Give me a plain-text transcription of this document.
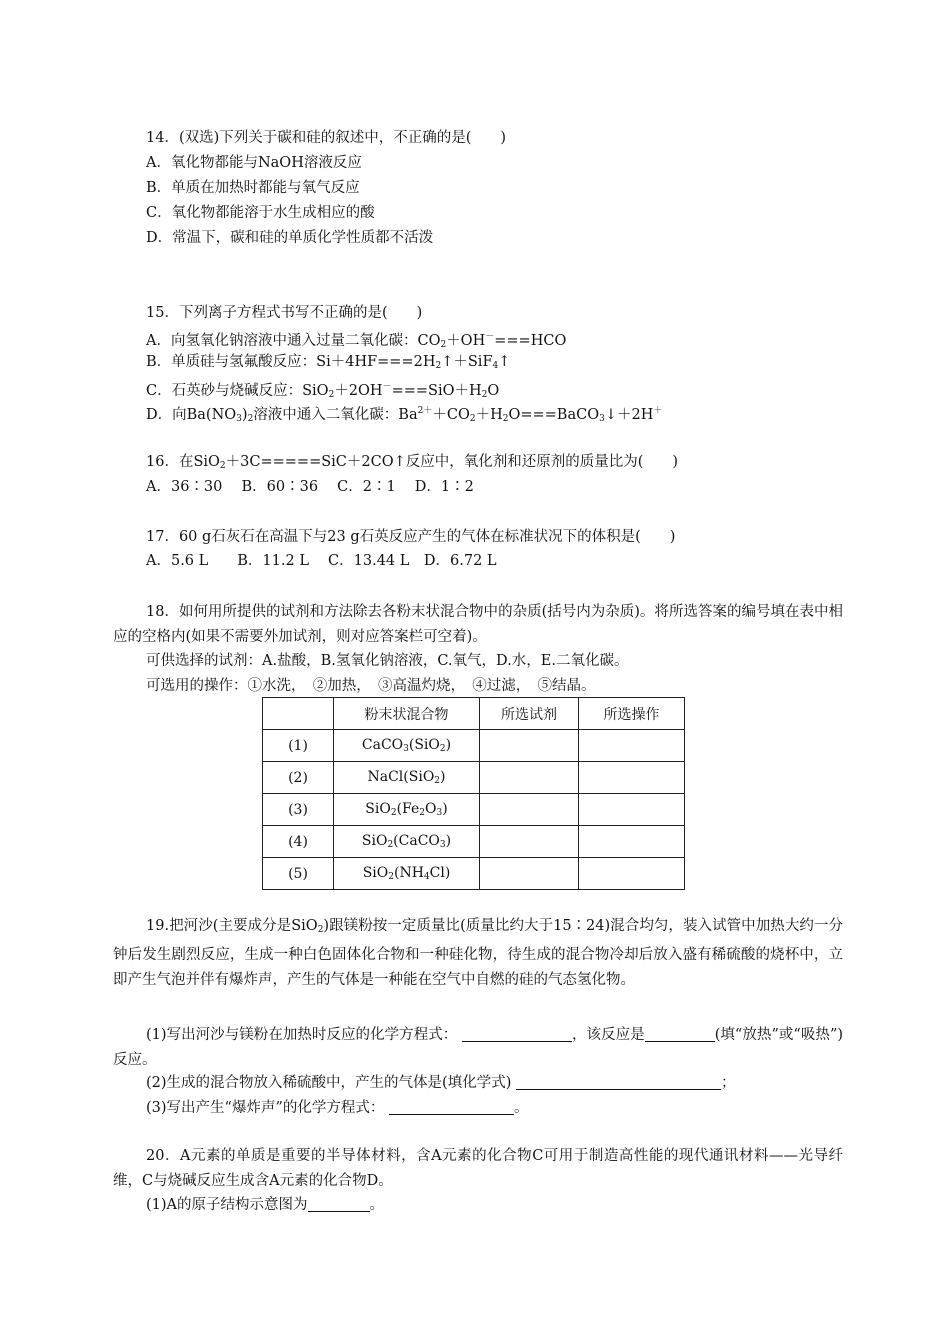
14．(双选)下列关于碳和硅的叙述中，不正确的是(　　)
A．氧化物都能与NaOH溶液反应
B．单质在加热时都能与氧气反应
C．氧化物都能溶于水生成相应的酸
D．常温下，碳和硅的单质化学性质都不活泼
15．下列离子方程式书写不正确的是(　　)
A．向氢氧化钠溶液中通入过量二氧化碳：$CO_2+OH^-===HCO$
B．单质硅与氢氟酸反应：$Si+4HF===2H_2↑+SiF_4↑$
C．石英砂与烧碱反应：$SiO_2+2OH^-===SiO+H_2O$
D．向$Ba(NO_3)_2$溶液中通入二氧化碳：$Ba^{2+}+CO_2+H_2O===BaCO_3↓+2H^+$
16．在SiO$_2$＋3C=====SiC＋2CO↑反应中，氧化剂和还原剂的质量比为(　　)
A．36∶30　 B．60∶36　 C．2∶1　 D．1∶2
17．60 g石灰石在高温下与23 g石英反应产生的气体在标准状况下的体积是(　　)
A．5.6 L　　B．11.2 L　 C．13.44 L　D．6.72 L
18．如何用所提供的试剂和方法除去各粉末状混合物中的杂质(括号内为杂质)。将所选答案的编号填在表中相应的空格内(如果不需要外加试剂，则对应答案栏可空着)。
可供选择的试剂：A.盐酸，B.氢氧化钠溶液，C.氧气，D.水，E.二氧化碳。
可选用的操作：①水洗，　②加热，　③高温灼烧，　④过滤，　⑤结晶。
	粉末状混合物	所选试剂	所选操作
(1)	CaCO$_3$(SiO$_2$)		
(2)	NaCl(SiO$_2$)		
(3)	$SiO_2(Fe_2O_3)$		
(4)	SiO$_2$(CaCO$_3$)		
(5)	$SiO_2(NH_4Cl)$		
19.把河沙(主要成分是SiO$_2$)跟镁粉按一定质量比(质量比约大于15∶24)混合均匀，装入试管中加热大约一分钟后发生剧烈反应，生成一种白色固体化合物和一种硅化物，待生成的混合物冷却后放入盛有稀硫酸的烧杯中，立即产生气泡并伴有爆炸声，产生的气体是一种能在空气中自燃的硅的气态氢化物。
(1)写出河沙与镁粉在加热时反应的化学方程式：	，该反应是	(填“放热”或“吸热”)反应。
(2)生成的混合物放入稀硫酸中，产生的气体是(填化学式)	；
(3)写出产生“爆炸声”的化学方程式：	。
20．A元素的单质是重要的半导体材料，含A元素的化合物C可用于制造高性能的现代通讯材料——光导纤维，C与烧碱反应生成含A元素的化合物D。
(1)A的原子结构示意图为	。
